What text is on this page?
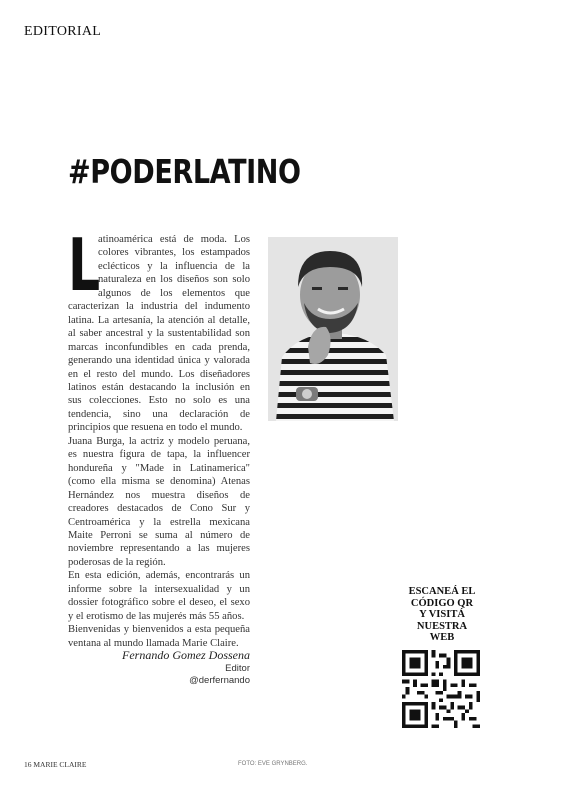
EDITORIAL
#PODERLATINO

L
atinoamérica está de moda. Los colores vibrantes, los estampados eclécticos y la influencia de la naturaleza en los diseños son solo algunos de los elementos que caracterizan la industria del indumento latina. La artesanía, la atención al detalle, al saber ancestral y la sustentabilidad son marcas inconfundibles en cada prenda, generando una identidad única y valorada en el resto del mundo. Los diseñadores latinos están destacando la inclusión en sus colecciones. Esto no solo es una tendencia, sino una declaración de principios que resuena en todo el mundo.

Juana Burga, la actriz y modelo peruana, es nuestra figura de tapa, la influencer hondureña y "Made in Latinamerica" (como ella misma se denomina) Atenas Hernández nos muestra diseños de creadores destacados de Cono Sur y Centroamérica y la estrella mexicana Maite Perroni se suma al número de noviembre representando a las mujeres poderosas de la región.

En esta edición, además, encontrarás un informe sobre la intersexualidad y un dossier fotográfico sobre el deseo, el sexo y el erotismo de las mujerés más 55 años.

Bienvenidas y bienvenidos a esta pequeña ventana al mundo llamada Marie Claire.

Fernando Gomez Dossena
Editor
@derfernando
ESCANEÁ EL
CÓDIGO QR
Y VISITÁ
NUESTRA
WEB
16 MARIE CLAIRE	FOTO: EVE GRYNBERG.
